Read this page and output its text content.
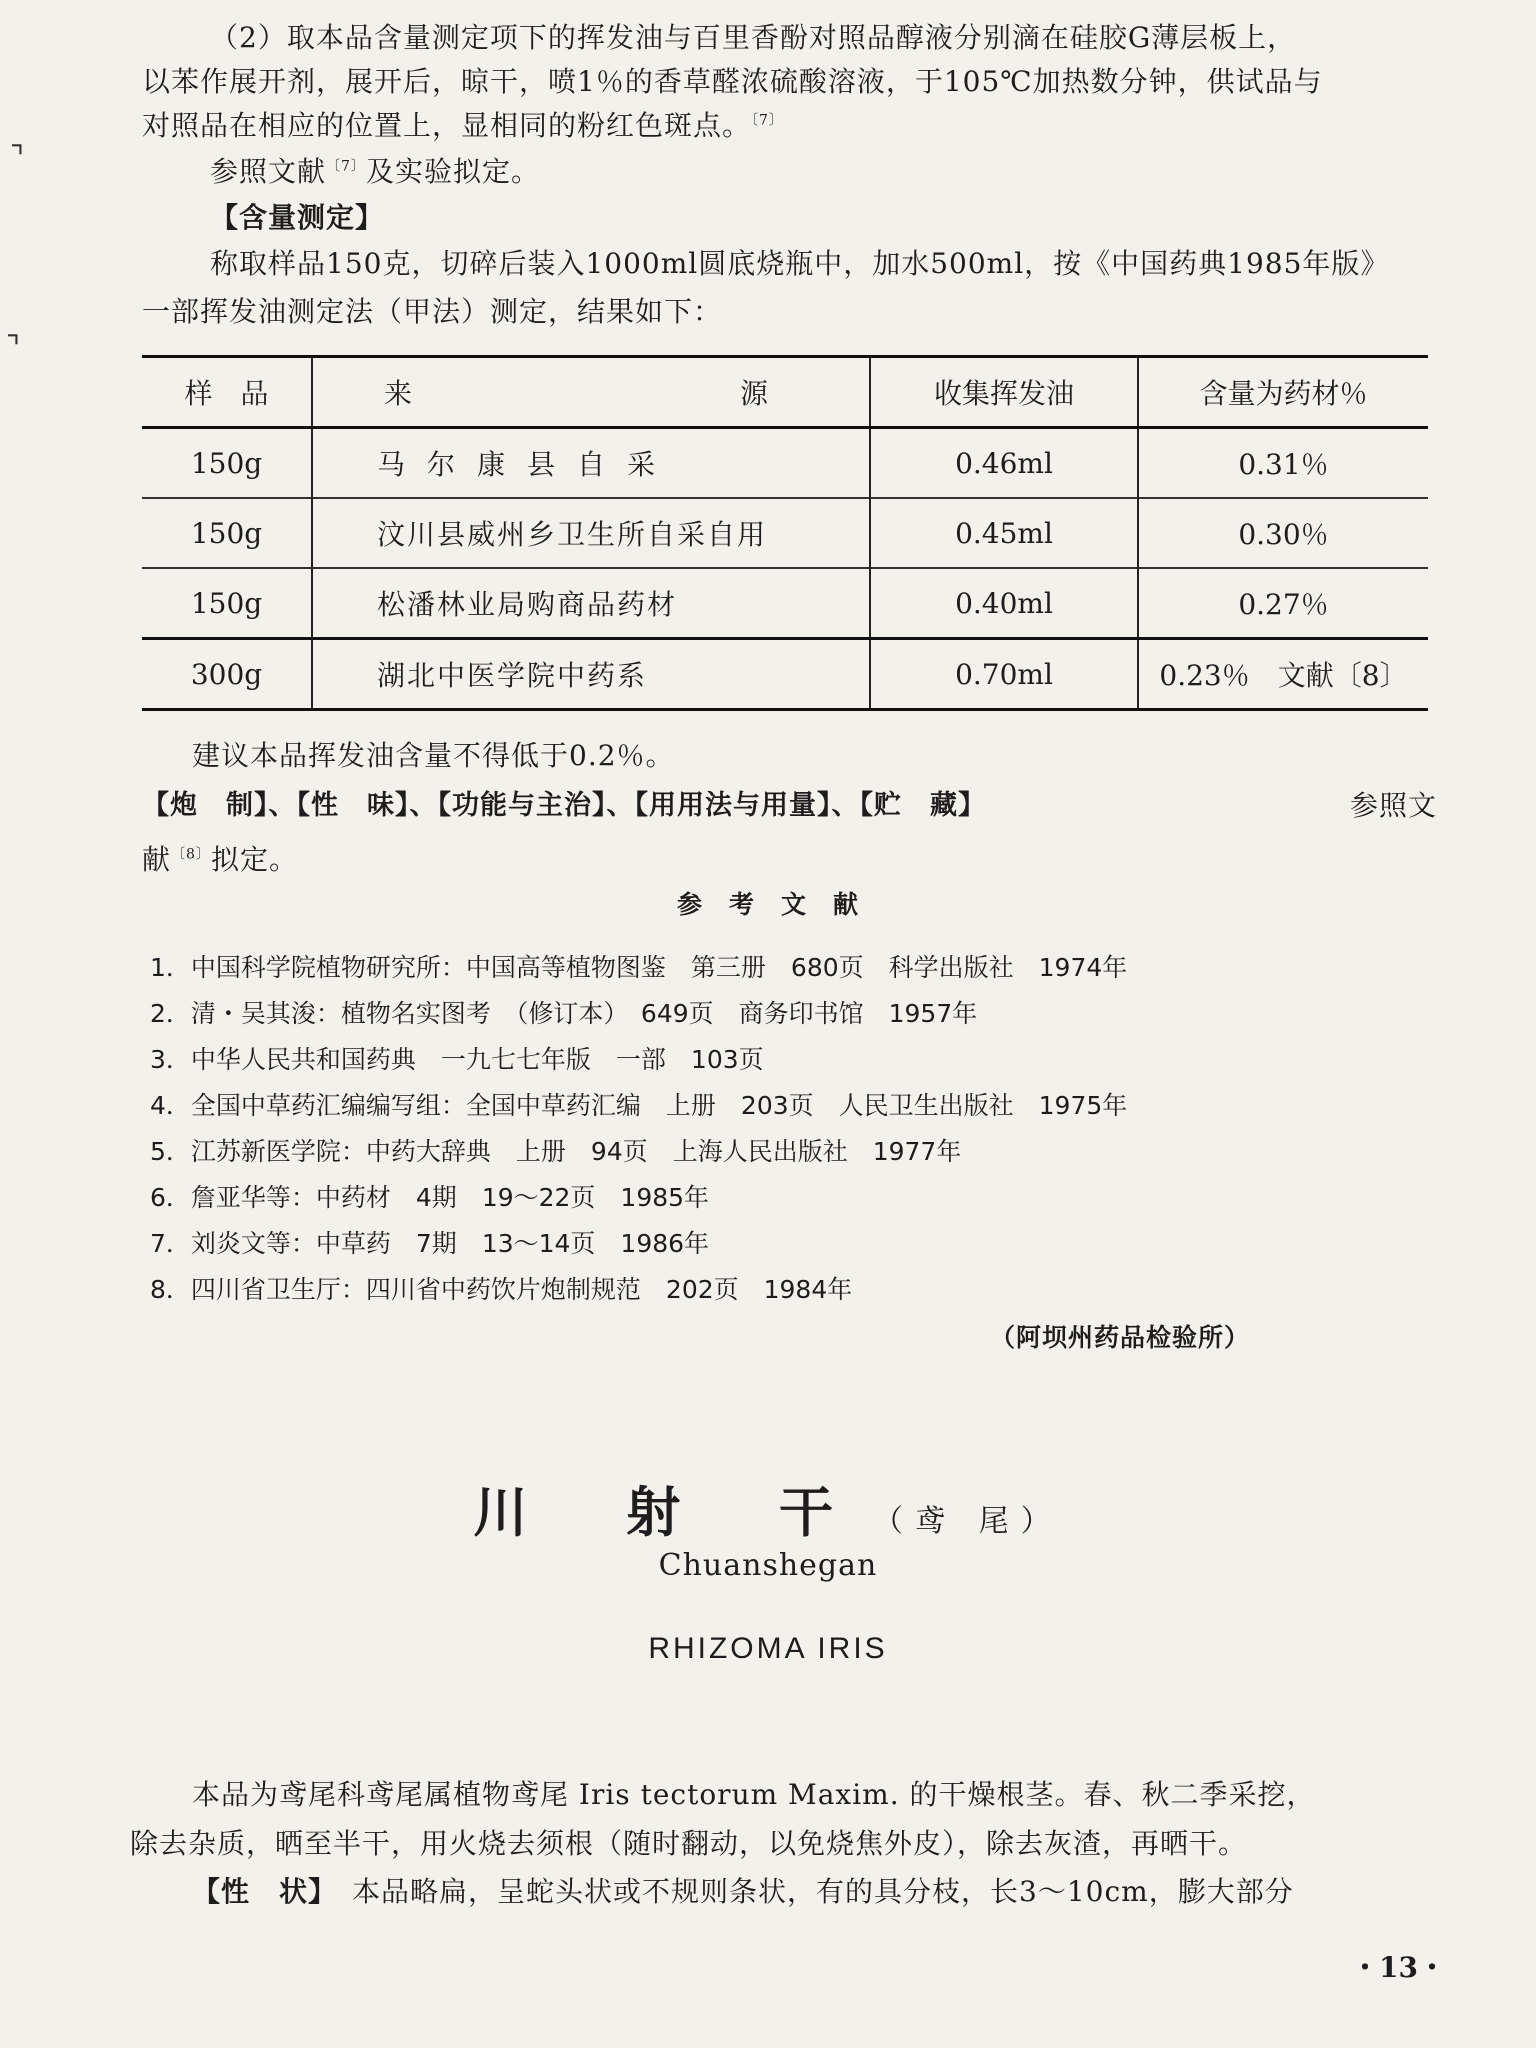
⌝
⌝
（2）取本品含量测定项下的挥发油与百里香酚对照品醇液分别滴在硅胶G薄层板上，
以苯作展开剂，展开后，晾干，喷1％的香草醛浓硫酸溶液，于105℃加热数分钟，供试品与
对照品在相应的位置上，显相同的粉红色斑点。$^{〔7〕}$
参照文献$^{〔7〕}$及实验拟定。
【含量测定】
称取样品150克，切碎后装入1000ml圆底烧瓶中，加水500ml，按《中国药典1985年版》
一部挥发油测定法（甲法）测定，结果如下：
样　品	来 源	收集挥发油	含量为药材％
150g	马尔康县自采	0.46ml	0.31％
150g	汶川县威州乡卫生所自采自用	0.45ml	0.30％
150g	松潘林业局购商品药材	0.40ml	0.27％
300g	湖北中医学院中药系	0.70ml	0.23％　 文献〔8〕
建议本品挥发油含量不得低于0.2％。
【炮　制】、【性　味】、【功能与主治】、【用用法与用量】、【贮　藏】	参照文
献$^{〔8〕}$拟定。
参　考　文　献
1．中国科学院植物研究所：中国高等植物图鉴　第三册　680页　科学出版社　1974年
2．清・吴其浚：植物名实图考　（修订本）　649页　商务印书馆　1957年
3．中华人民共和国药典　一九七七年版　一部　103页
4．全国中草药汇编编写组：全国中草药汇编　上册　203页　人民卫生出版社　1975年
5．江苏新医学院：中药大辞典　上册　94页　上海人民出版社　1977年
6．詹亚华等：中药材　4期　19～22页　1985年
7．刘炎文等：中草药　7期　13～14页　1986年
8．四川省卫生厅：四川省中药饮片炮制规范　202页　1984年
（阿坝州药品检验所）
川 射 干（鸢 尾）
Chuanshegan
RHIZOMA IRIS
本品为鸢尾科鸢尾属植物鸢尾 Iris tectorum Maxim. 的干燥根茎。春、秋二季采挖，
除去杂质，晒至半干，用火烧去须根（随时翻动，以免烧焦外皮），除去灰渣，再晒干。
【性　状】　 本品略扁，呈蛇头状或不规则条状，有的具分枝，长3～10cm，膨大部分
・13・
